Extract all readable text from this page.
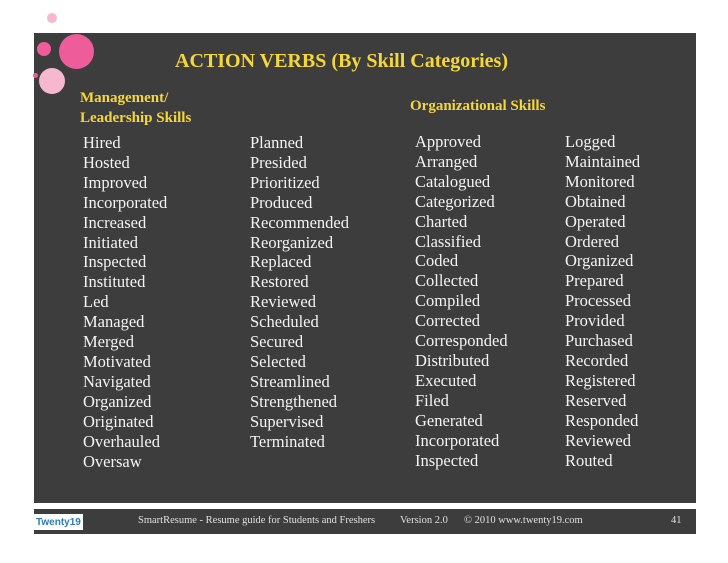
ACTION VERBS (By Skill Categories)

Management/
Leadership Skills

Organizational Skills

Hired
Hosted
Improved
Incorporated
Increased
Initiated
Inspected
Instituted
Led
Managed
Merged
Motivated
Navigated
Organized
Originated
Overhauled
Oversaw
Planned
Presided
Prioritized
Produced
Recommended
Reorganized
Replaced
Restored
Reviewed
Scheduled
Secured
Selected
Streamlined
Strengthened
Supervised
Terminated
Approved
Arranged
Catalogued
Categorized
Charted
Classified
Coded
Collected
Compiled
Corrected
Corresponded
Distributed
Executed
Filed
Generated
Incorporated
Inspected
Logged
Maintained
Monitored
Obtained
Operated
Ordered
Organized
Prepared
Processed
Provided
Purchased
Recorded
Registered
Reserved
Responded
Reviewed
Routed
Twenty19	SmartResume - Resume guide for Students and Freshers Version 2.0 © 2010 www.twenty19.com	41
